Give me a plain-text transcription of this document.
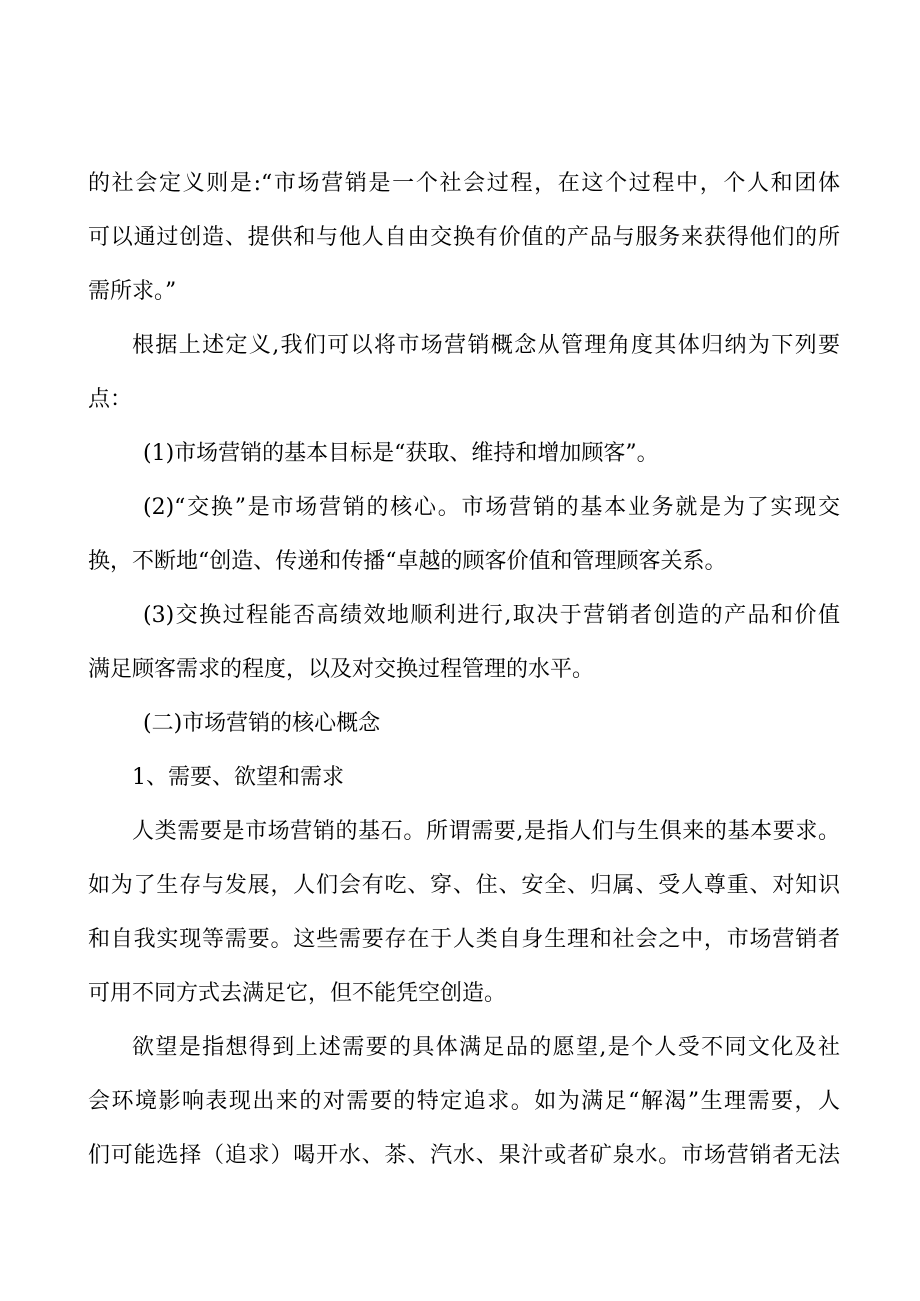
的社会定义则是:“市场营销是一个社会过程，在这个过程中，个人和团体
可以通过创造、提供和与他人自由交换有价值的产品与服务来获得他们的所
需所求。”
根据上述定义,我们可以将市场营销概念从管理角度其体归纳为下列要
点：
(1)市场营销的基本目标是“获取、维持和增加顾客”。
(2)“交换”是市场营销的核心。市场营销的基本业务就是为了实现交
换，不断地“创造、传递和传播“卓越的顾客价值和管理顾客关系。
(3)交换过程能否高绩效地顺利进行,取决于营销者创造的产品和价值
满足顾客需求的程度，以及对交换过程管理的水平。
(二)市场营销的核心概念
1、需要、欲望和需求
人类需要是市场营销的基石。所谓需要,是指人们与生俱来的基本要求。
如为了生存与发展，人们会有吃、穿、住、安全、归属、受人尊重、对知识
和自我实现等需要。这些需要存在于人类自身生理和社会之中，市场营销者
可用不同方式去满足它，但不能凭空创造。
欲望是指想得到上述需要的具体满足品的愿望,是个人受不同文化及社
会环境影响表现出来的对需要的特定追求。如为满足“解渴”生理需要，人
们可能选择（追求）喝开水、茶、汽水、果汁或者矿泉水。市场营销者无法
